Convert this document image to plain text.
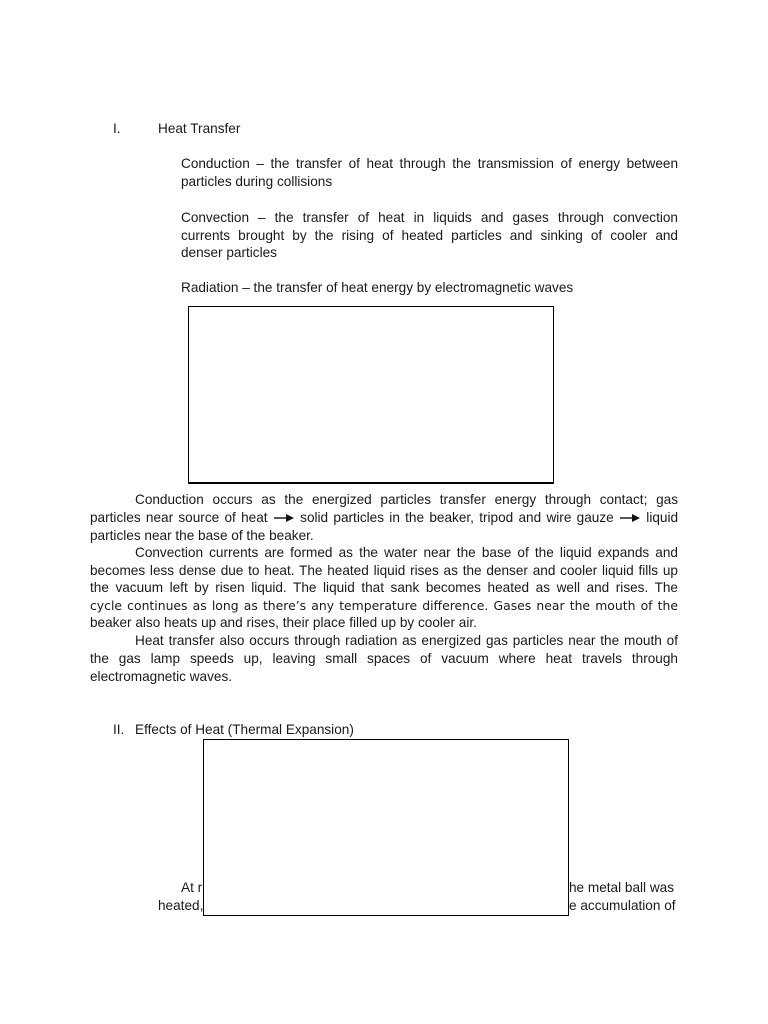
I.	Heat Transfer
Conduction – the transfer of heat through the transmission of energy between
particles during collisions
Convection – the transfer of heat in liquids and gases through convection
currents brought by the rising of heated particles and sinking of cooler and
denser particles
Radiation – the transfer of heat energy by electromagnetic waves
Conduction occurs as the energized particles transfer energy through contact; gas
particles near source of heat solid particles in the beaker, tripod and wire gauze liquid
particles near the base of the beaker.
Convection currents are formed as the water near the base of the liquid expands and
becomes less dense due to heat. The heated liquid rises as the denser and cooler liquid fills up
the vacuum left by risen liquid. The liquid that sank becomes heated as well and rises. The
cycle continues as long as there’s any temperature difference. Gases near the mouth of the
beaker also heats up and rises, their place filled up by cooler air.
Heat transfer also occurs through radiation as energized gas particles near the mouth of
the gas lamp speeds up, leaving small spaces of vacuum where heat travels through
electromagnetic waves.
II. Effects of Heat (Thermal Expansion)
At r	he metal ball was
heated,	e accumulation of
